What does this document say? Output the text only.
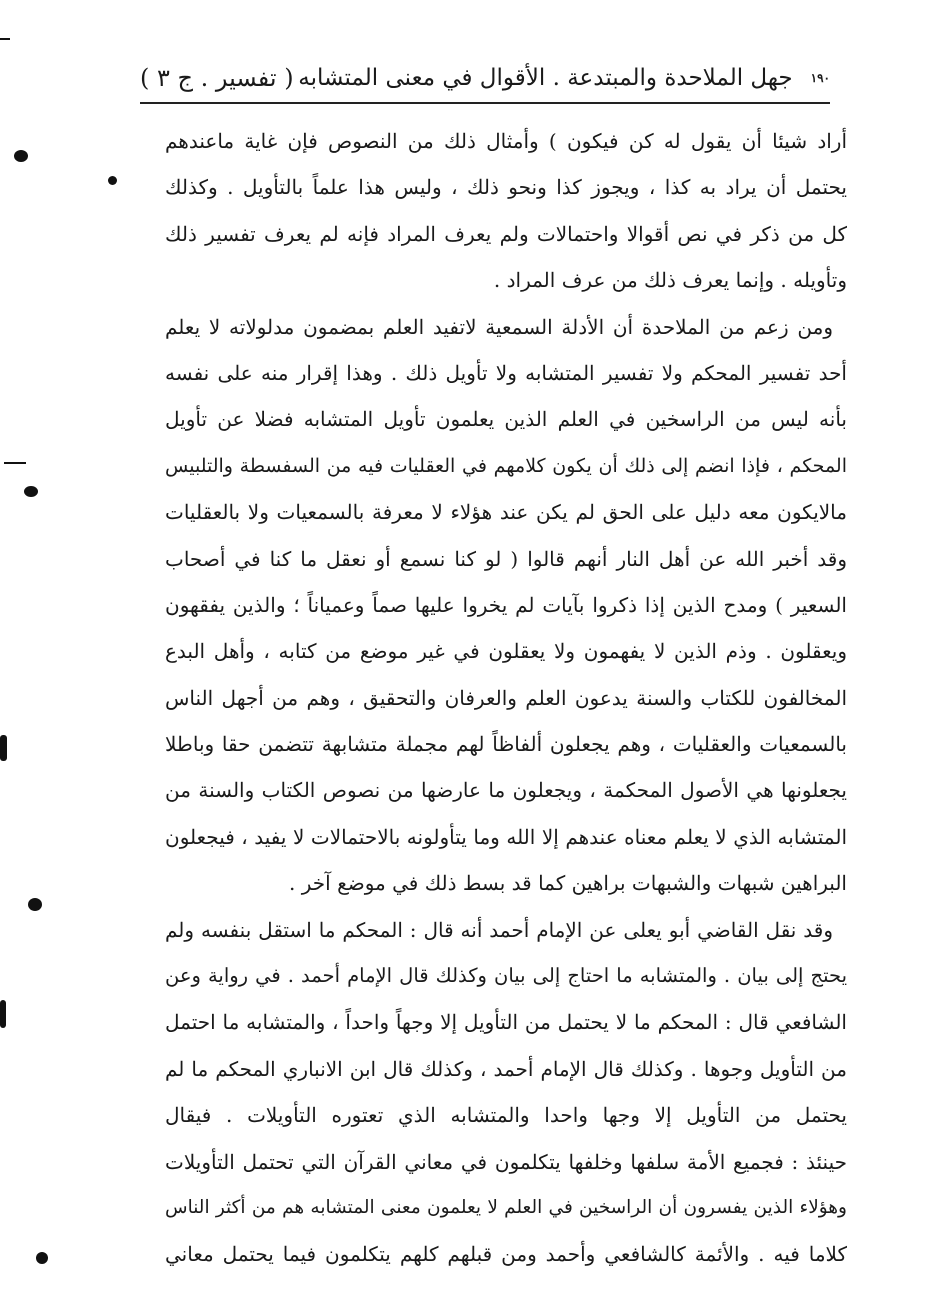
١٩٠
جهل الملاحدة والمبتدعة . الأقوال في معنى المتشابه
( تفسير . ج ٣ )
أراد شيئا أن يقول له كن فيكون ) وأمثال ذلك من النصوص فإن غاية ماعندهم
يحتمل أن يراد به كذا ، ويجوز كذا ونحو ذلك ، وليس هذا علماً بالتأويل . وكذلك
كل من ذكر في نص أقوالا واحتمالات ولم يعرف المراد فإنه لم يعرف تفسير ذلك
وتأويله . وإنما يعرف ذلك من عرف المراد .
ومن زعم من الملاحدة أن الأدلة السمعية لاتفيد العلم بمضمون مدلولاته لا يعلم
أحد تفسير المحكم ولا تفسير المتشابه ولا تأويل ذلك . وهذا إقرار منه على نفسه
بأنه ليس من الراسخين في العلم الذين يعلمون تأويل المتشابه فضلا عن تأويل
المحكم ، فإذا انضم إلى ذلك أن يكون كلامهم في العقليات فيه من السفسطة والتلبيس
مالايكون معه دليل على الحق لم يكن عند هؤلاء لا معرفة بالسمعيات ولا بالعقليات
وقد أخبر الله عن أهل النار أنهم قالوا ( لو كنا نسمع أو نعقل ما كنا في أصحاب
السعير ) ومدح الذين إذا ذكروا بآيات لم يخروا عليها صماً وعمياناً ؛ والذين يفقهون
ويعقلون . وذم الذين لا يفهمون ولا يعقلون في غير موضع من كتابه ، وأهل البدع
المخالفون للكتاب والسنة يدعون العلم والعرفان والتحقيق ، وهم من أجهل الناس
بالسمعيات والعقليات ، وهم يجعلون ألفاظاً لهم مجملة متشابهة تتضمن حقا وباطلا
يجعلونها هي الأصول المحكمة ، ويجعلون ما عارضها من نصوص الكتاب والسنة من
المتشابه الذي لا يعلم معناه عندهم إلا الله وما يتأولونه بالاحتمالات لا يفيد ، فيجعلون
البراهين شبهات والشبهات براهين كما قد بسط ذلك في موضع آخر .
وقد نقل القاضي أبو يعلى عن الإمام أحمد أنه قال : المحكم ما استقل بنفسه ولم
يحتج إلى بيان . والمتشابه ما احتاج إلى بيان وكذلك قال الإمام أحمد . في رواية وعن
الشافعي قال : المحكم ما لا يحتمل من التأويل إلا وجهاً واحداً ، والمتشابه ما احتمل
من التأويل وجوها . وكذلك قال الإمام أحمد ، وكذلك قال ابن الانباري المحكم ما لم
يحتمل من التأويل إلا وجها واحدا والمتشابه الذي تعتوره التأويلات . فيقال
حينئذ : فجميع الأمة سلفها وخلفها يتكلمون في معاني القرآن التي تحتمل التأويلات
وهؤلاء الذين يفسرون أن الراسخين في العلم لا يعلمون معنى المتشابه هم من أكثر الناس
كلاما فيه . والأئمة كالشافعي وأحمد ومن قبلهم كلهم يتكلمون فيما يحتمل معاني
